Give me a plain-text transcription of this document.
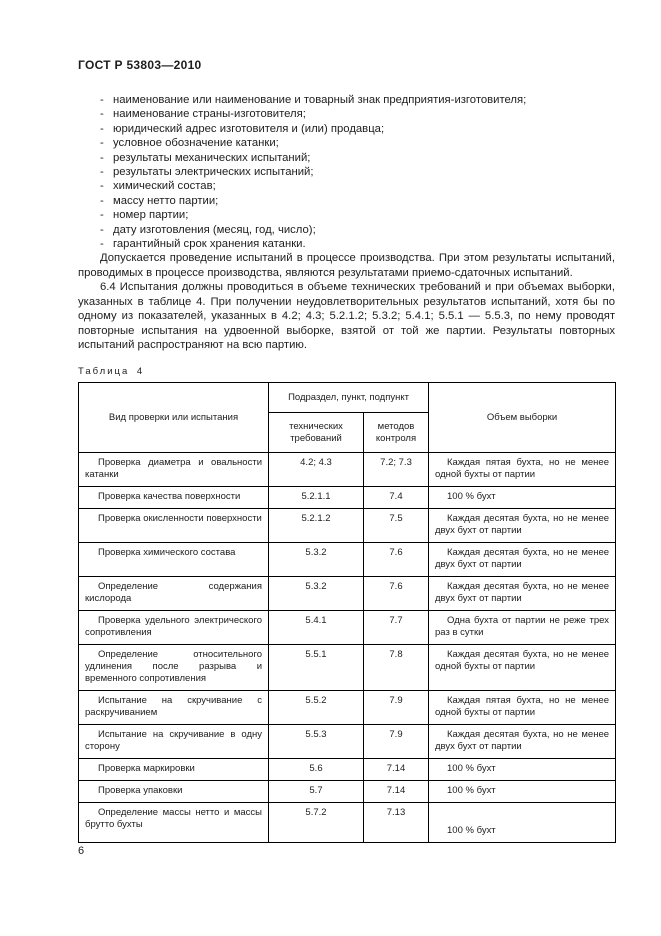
ГОСТ Р 53803—2010
- наименование или наименование и товарный знак предприятия-изготовителя;
- наименование страны-изготовителя;
- юридический адрес изготовителя и (или) продавца;
- условное обозначение катанки;
- результаты механических испытаний;
- результаты электрических испытаний;
- химический состав;
- массу нетто партии;
- номер партии;
- дату изготовления (месяц, год, число);
- гарантийный срок хранения катанки.

Допускается проведение испытаний в процессе производства. При этом результаты испытаний, проводимых в процессе производства, являются результатами приемо-сдаточных испытаний.

6.4 Испытания должны проводиться в объеме технических требований и при объемах выборки, указанных в таблице 4. При получении неудовлетворительных результатов испытаний, хотя бы по одному из показателей, указанных в 4.2; 4.3; 5.2.1.2; 5.3.2; 5.4.1; 5.5.1 — 5.5.3, по нему проводят повторные испытания на удвоенной выборке, взятой от той же партии. Результаты повторных испытаний распространяют на всю партию.

Таблица 4
Вид проверки или испытания	Подраздел, пункт, подпункт		Объем выборки
	технических требований	методов контроля	
Проверка диаметра и овальности катанки	4.2; 4.3	7.2; 7.3	Каждая пятая бухта, но не менее одной бухты от партии
Проверка качества поверхности	5.2.1.1	7.4	100 % бухт
Проверка окисленности поверхности	5.2.1.2	7.5	Каждая десятая бухта, но не менее двух бухт от партии
Проверка химического состава	5.3.2	7.6	Каждая десятая бухта, но не менее двух бухт от партии
Определение содержания кислорода	5.3.2	7.6	Каждая десятая бухта, но не менее двух бухт от партии
Проверка удельного электрического сопротивления	5.4.1	7.7	Одна бухта от партии не реже трех раз в сутки
Определение относительного удлинения после разрыва и временного сопротивления	5.5.1	7.8	Каждая десятая бухта, но не менее одной бухты от партии
Испытание на скручивание с раскручиванием	5.5.2	7.9	Каждая пятая бухта, но не менее одной бухты от партии
Испытание на скручивание в одну сторону	5.5.3	7.9	Каждая десятая бухта, но не менее двух бухт от партии
Проверка маркировки	5.6	7.14	100 % бухт
Проверка упаковки	5.7	7.14	100 % бухт
Определение массы нетто и массы брутто бухты	5.7.2	7.13	100 % бухт
6
